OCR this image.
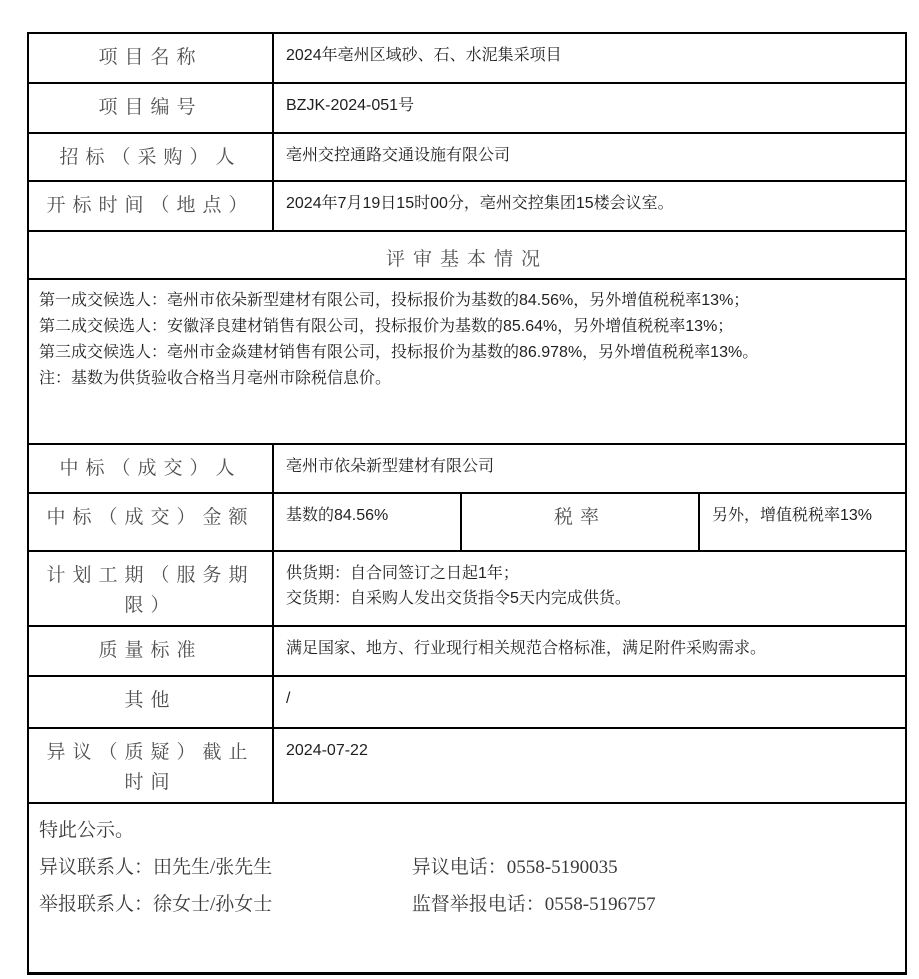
项目名称	2024年亳州区域砂、石、水泥集采项目		
项目编号	BZJK-2024-051号		
招标（采购）人	亳州交控通路交通设施有限公司		
开标时间（地点）	2024年7月19日15时00分，亳州交控集团15楼会议室。		
评审基本情况			

第一成交候选人：亳州市依朵新型建材有限公司，投标报价为基数的84.56%，另外增值税税率13%；
第二成交候选人：安徽泽良建材销售有限公司，投标报价为基数的85.64%，另外增值税税率13%；
第三成交候选人：亳州市金焱建材销售有限公司，投标报价为基数的86.978%，另外增值税税率13%。
注：基数为供货验收合格当月亳州市除税信息价。			

中标（成交）人	亳州市依朵新型建材有限公司		
中标（成交）金额	基数的84.56%	税率	另外，增值税税率13%
计划工期（服务期限）	供货期：自合同签订之日起1年；
交货期：自采购人发出交货指令5天内完成供货。		

质量标准	满足国家、地方、行业现行相关规范合格标准，满足附件采购需求。		
其他	/		
异议（质疑）截止时间	2024-07-22		

特此公示。
异议联系人：田先生/张先生 异议电话：0558-5190035
举报联系人：徐女士/孙女士 监督举报电话：0558-5196757			
